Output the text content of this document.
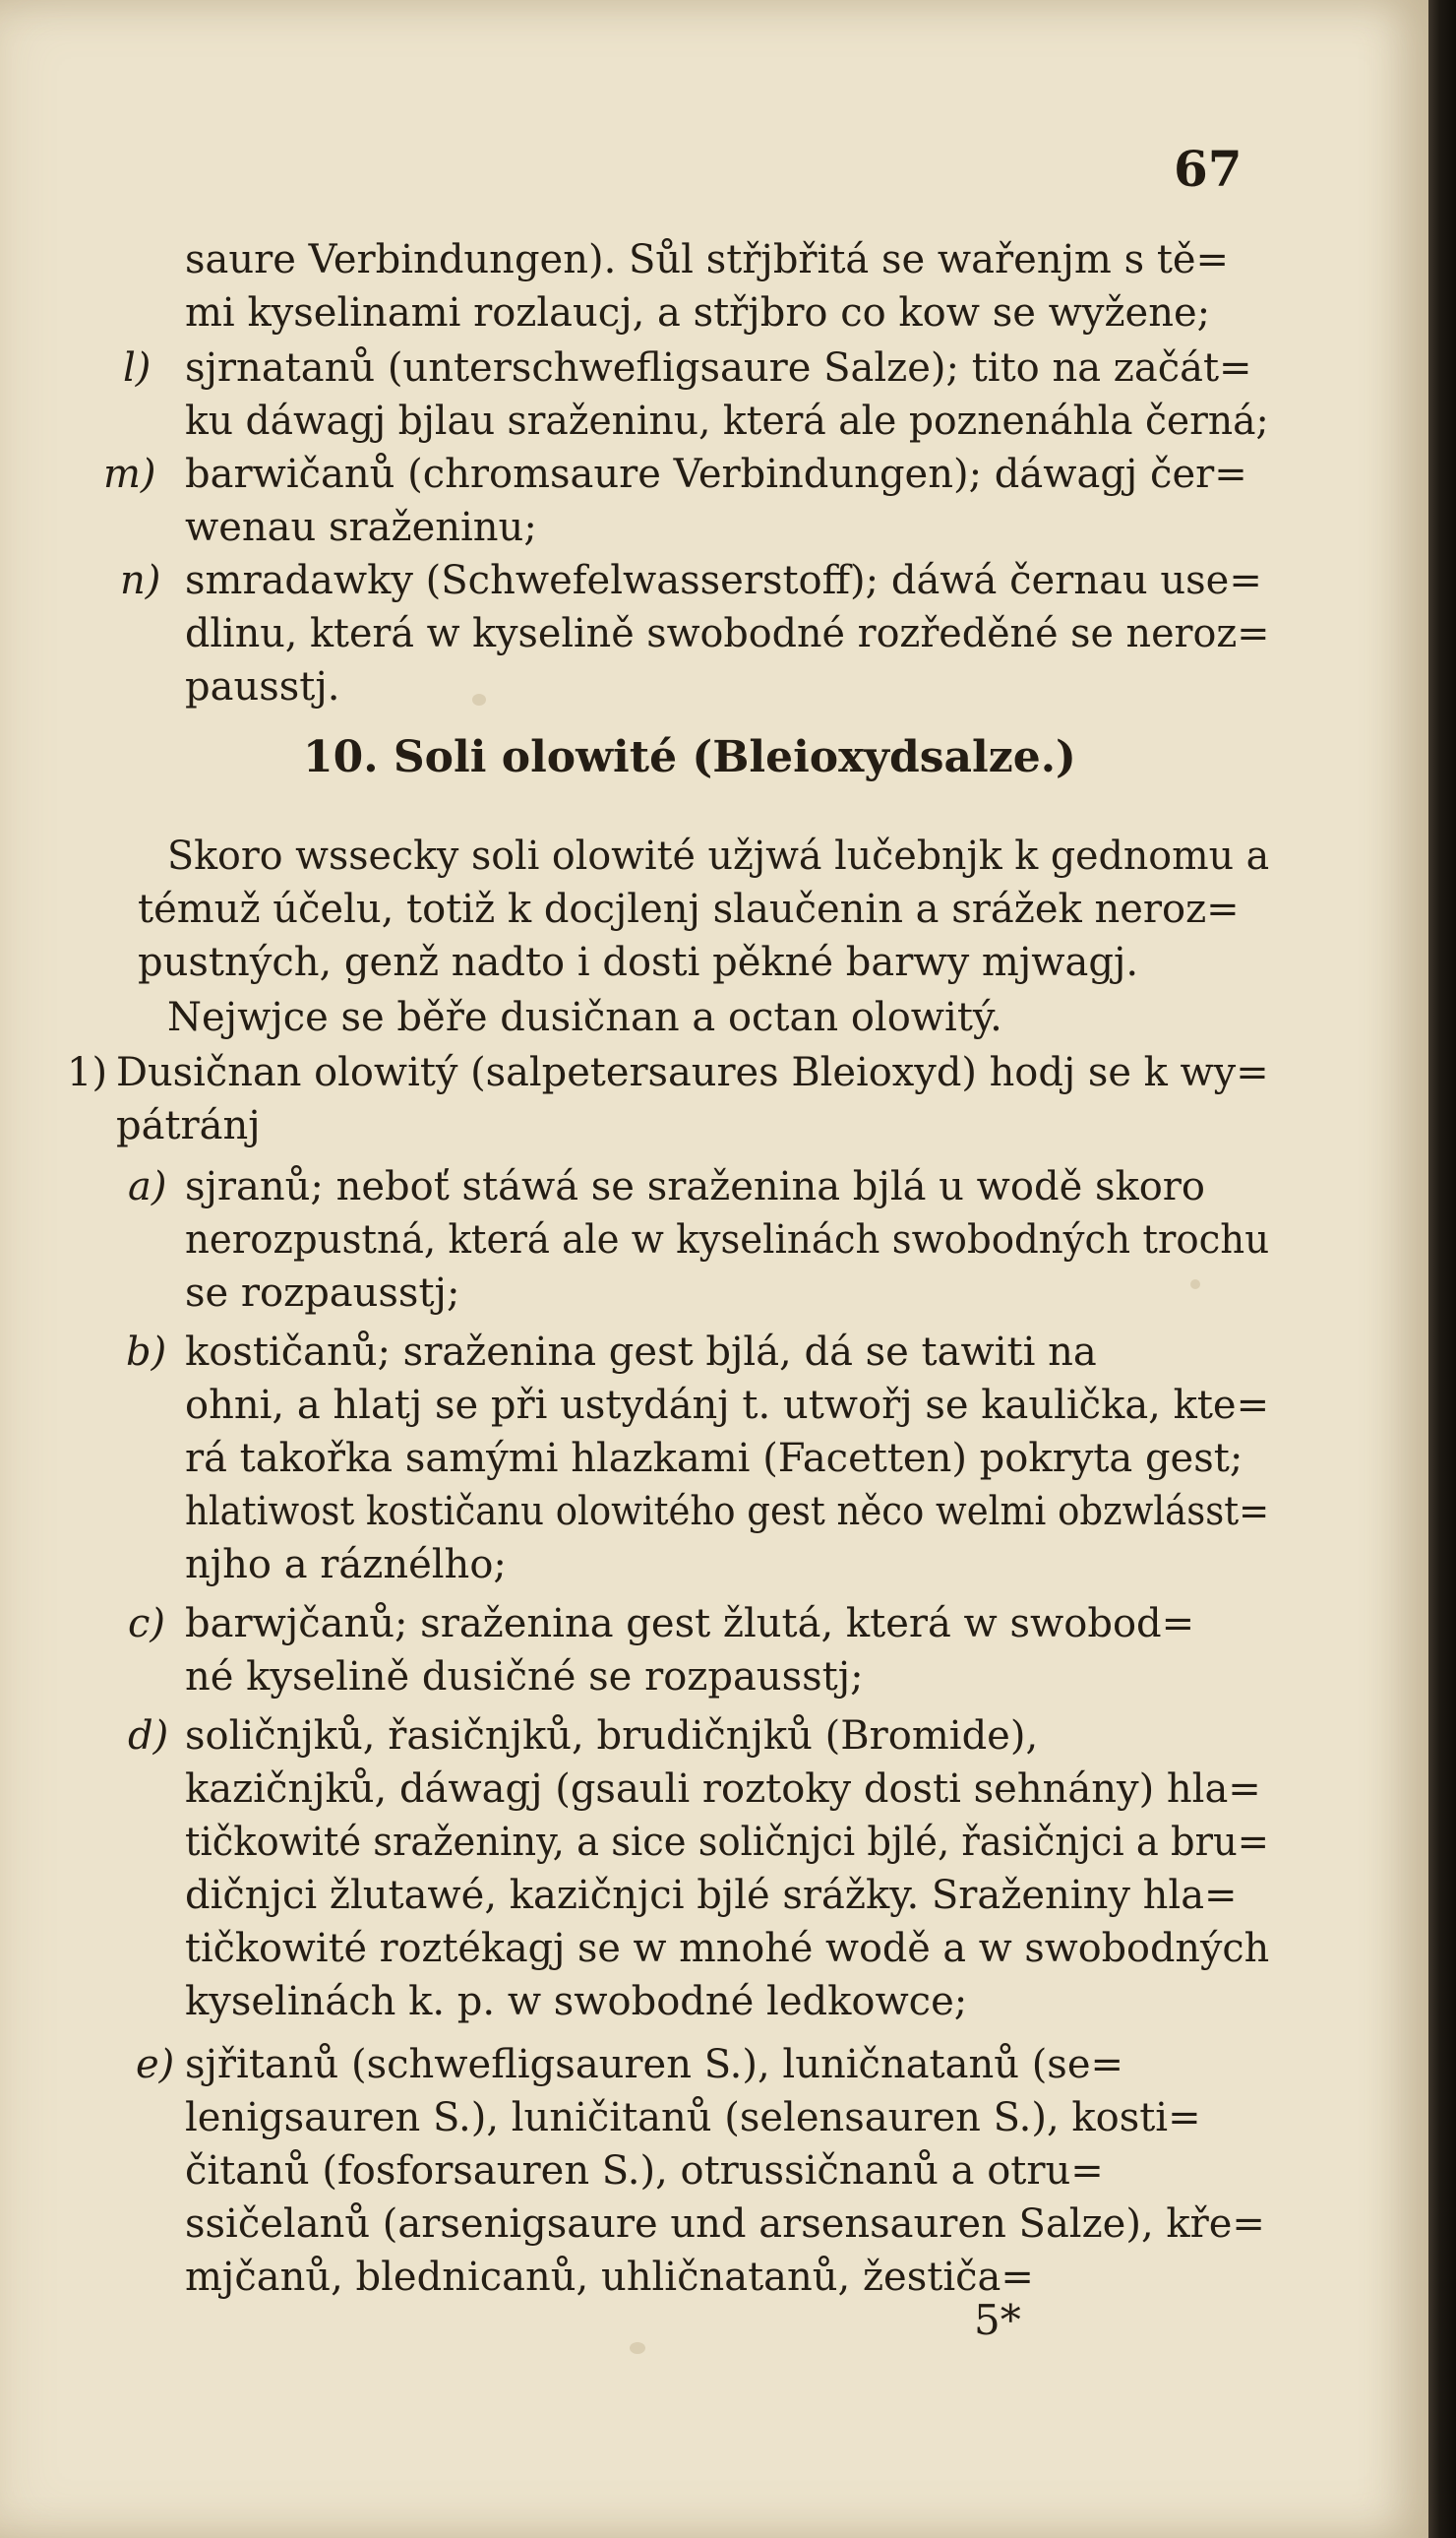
67
saure Verbindungen). Sůl střjbřitá se wařenjm s tě=
mi kyselinami rozlaucj, a střjbro co kow se wyžene;
l) sjrnatanů (unterschwefligsaure Salze); tito na začát=
ku dáwagj bjlau sraženinu, která ale poznenáhla černá;
m) barwičanů (chromsaure Verbindungen); dáwagj čer=
wenau sraženinu;
n) smradawky (Schwefelwasserstoff); dáwá černau use=
dlinu, která w kyselině swobodné rozředěné se neroz=
pausstj.
10. Soli olowité (Bleioxydsalze.)
Skoro wssecky soli olowité užjwá lučebnjk k gednomu a
témuž účelu, totiž k docjlenj slaučenin a srážek neroz=
pustných, genž nadto i dosti pěkné barwy mjwagj.
Nejwjce se běře dusičnan a octan olowitý.
1) Dusičnan olowitý (salpetersaures Bleioxyd) hodj se k wy=
pátránj
a) sjranů; neboť stáwá se sraženina bjlá u wodě skoro
nerozpustná, která ale w kyselinách swobodných trochu
se rozpausstj;
b) kostičanů; sraženina gest bjlá, dá se tawiti na
ohni, a hlatj se při ustydánj t. utwořj se kaulička, kte=
rá takořka samými hlazkami (Facetten) pokryta gest;
hlatiwost kostičanu olowitého gest něco welmi obzwlásst=
njho a ráznélho;
c) barwjčanů; sraženina gest žlutá, která w swobod=
né kyselině dusičné se rozpausstj;
d) soličnjků, řasičnjků, brudičnjků (Bromide),
kazičnjků, dáwagj (gsauli roztoky dosti sehnány) hla=
tičkowité sraženiny, a sice soličnjci bjlé, řasičnjci a bru=
dičnjci žlutawé, kazičnjci bjlé srážky. Sraženiny hla=
tičkowité roztékagj se w mnohé wodě a w swobodných
kyselinách k. p. w swobodné ledkowce;
e) sjřitanů (schwefligsauren S.), luničnatanů (se=
lenigsauren S.), luničitanů (selensauren S.), kosti=
čitanů (fosforsauren S.), otrussičnanů a otru=
ssičelanů (arsenigsaure und arsensauren Salze), kře=
mjčanů, blednicanů, uhličnatanů, žestiča=
5*
